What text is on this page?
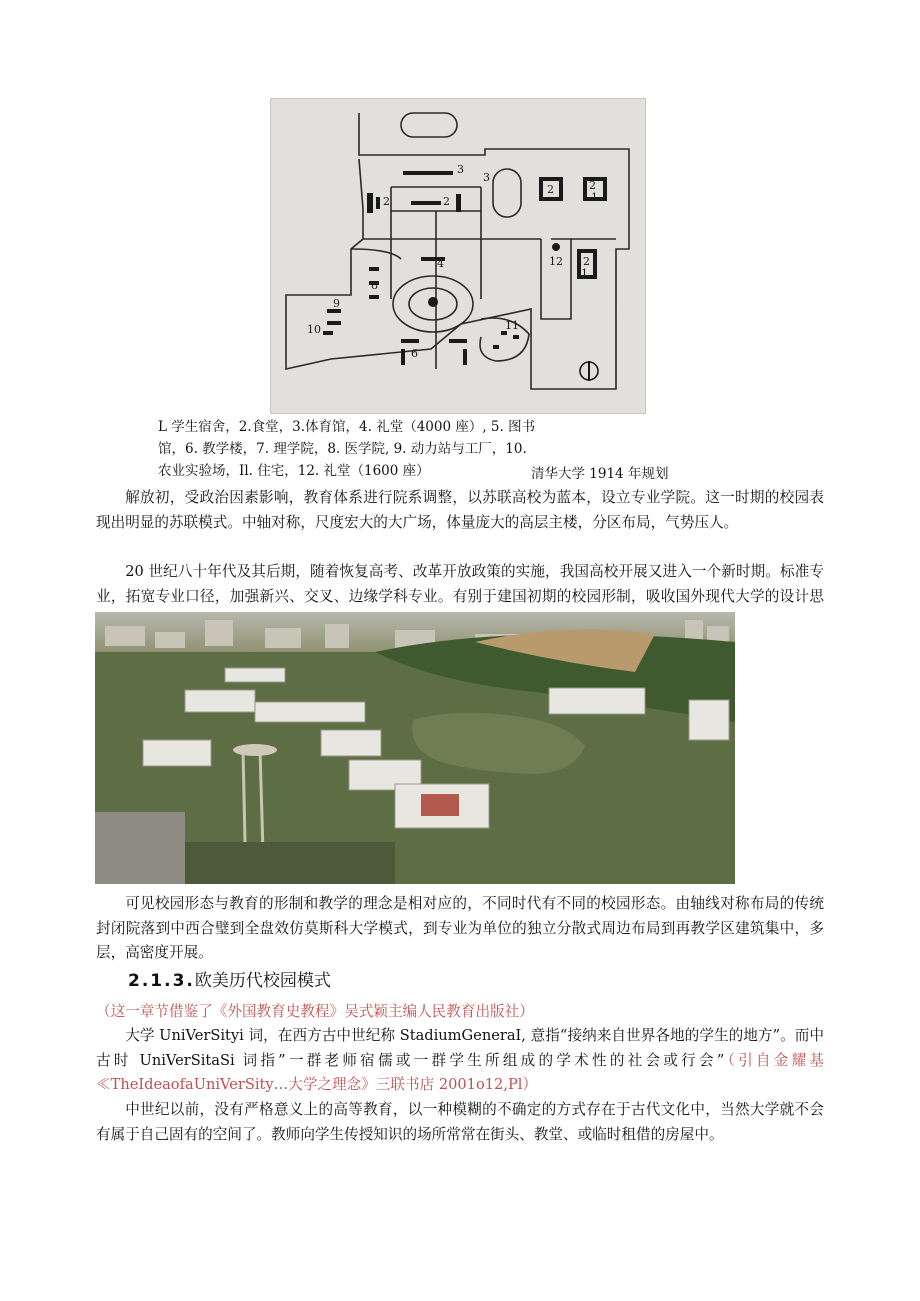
3
3
2	2
2	2
1
12 2
1
4
8
9
10	11
6
L 学生宿舍，2.食堂，3.体育馆，4. 礼堂（4000 座）, 5. 图书
馆，6. 教学楼，7. 理学院，8. 医学院, 9. 动力站与工厂，10.
农业实验场，Il. 住宅，12. 礼堂（1600 座）	清华大学 1914 年规划

解放初，受政治因素影响，教育体系进行院系调整，以苏联高校为蓝本，设立专业学院。这一时期的校园表现出明显的苏联模式。中轴对称，尺度宏大的大广场，体量庞大的高层主楼，分区布局，气势压人。

20 世纪八十年代及其后期，随着恢复高考、改革开放政策的实施，我国高校开展又进入一个新时期。标准专业，拓宽专业口径，加强新兴、交叉、边缘学科专业。有别于建国初期的校园形制，吸收国外现代大学的设计思

可见校园形态与教育的形制和教学的理念是相对应的，不同时代有不同的校园形态。由轴线对称布局的传统封闭院落到中西合璧到全盘效仿莫斯科大学模式，到专业为单位的独立分散式周边布局到再教学区建筑集中，多层，高密度开展。

2.1.3.欧美历代校园模式
（这一章节借鉴了《外国教育史教程》吴式颖主编人民教育出版社）

大学 UniVerSityi 词，在西方古中世纪称 StadiumGeneraI, 意指“接纳来自世界各地的学生的地方”。而中古时 UniVerSitaSi 词指”一群老师宿儒或一群学生所组成的学术性的社会或行会”（引自金耀基≪TheIdeaofaUniVerSity…大学之理念》三联书店 2001o12,Pl）

中世纪以前，没有严格意义上的高等教育，以一种模糊的不确定的方式存在于古代文化中，当然大学就不会有属于自己固有的空间了。教师向学生传授知识的场所常常在街头、教堂、或临时租借的房屋中。
